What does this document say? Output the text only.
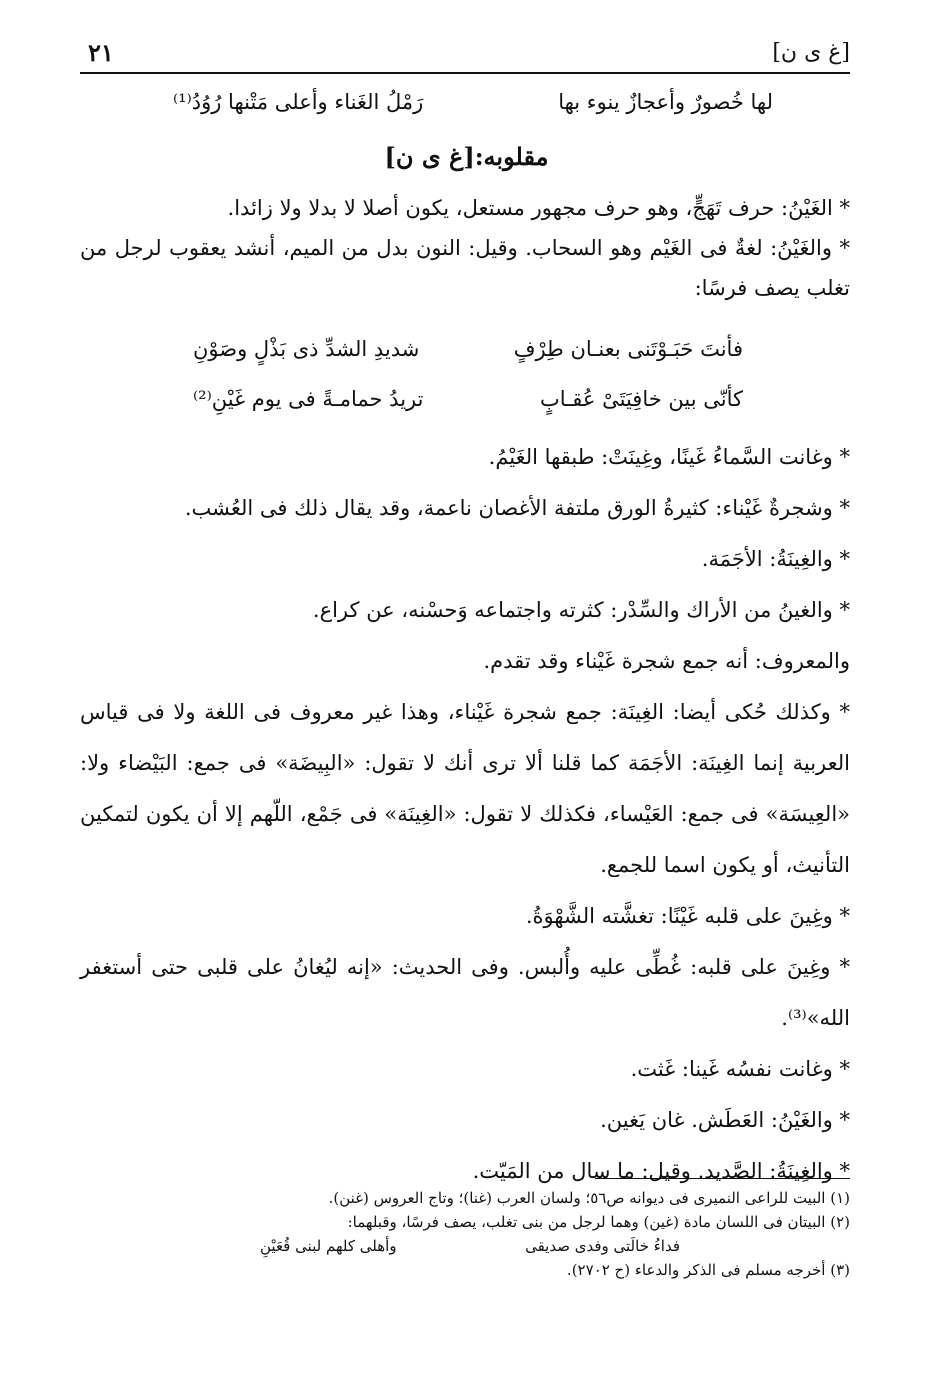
[غ ى ن]
٢١
لها خُصورٌ وأعجازٌ ينوء بها
رَمْلُ الغَناء وأعلى مَتْنها رُوُدُ⁽¹⁾
مقلوبه:[غ ى ن]

* الغَيْنُ: حرف تَهَجٍّ، وهو حرف مجهور مستعل، يكون أصلا لا بدلا ولا زائدا.

* والغَيْنُ: لغةٌ فى الغَيْم وهو السحاب. وقيل: النون بدل من الميم، أنشد يعقوب لرجل من تغلب يصف فرسًا:

فأنتَ حَبَـوْتَنى بعنـان طِرْفٍ
شديدِ الشدِّ ذى بَذْلٍ وصَوْنِ
كأنّى بين خافِيَتَىْ عُقـابٍ
تريدُ حمامـةً فى يوم غَيْنِ⁽²⁾

* وغانت السَّماءُ غَينًا، وغِينَتْ: طبقها الغَيْمُ.

* وشجرةٌ غَيْناء: كثيرةُ الورق ملتفة الأغصان ناعمة، وقد يقال ذلك فى العُشب.

* والغِينَةُ: الأجَمَة.

* والغينُ من الأراك والسِّدْر: كثرته واجتماعه وَحسْنه، عن كراع.

والمعروف: أنه جمع شجرة غَيْناء وقد تقدم.

* وكذلك حُكى أيضا: الغِينَة: جمع شجرة غَيْناء، وهذا غير معروف فى اللغة ولا فى قياس العربية إنما الغِينَة: الأجَمَة كما قلنا ألا ترى أنك لا تقول: «البِيضَة» فى جمع: البَيْضاء ولا: «العِيسَة» فى جمع: العَيْساء، فكذلك لا تقول: «الغِينَة» فى جَمْع، اللّهم إلا أن يكون لتمكين التأنيث، أو يكون اسما للجمع.

* وغِينَ على قلبه غَيْنًا: تغشَّته الشَّهْوَةُ.

* وغِينَ على قلبه: غُطِّى عليه وأُلبس. وفى الحديث: «إنه ليُغانُ على قلبى حتى أستغفر الله»⁽³⁾.

* وغانت نفسُه غَينا: غَثت.

* والغَيْنُ: العَطَش. غان يَغين.

* والغِينَةُ: الصَّديد. وقيل: ما سال من المَيّت.

(١) البيت للراعى النميرى فى ديوانه ص٥٦؛ ولسان العرب (غنا)؛ وتاج العروس (غنن).
(٢) البيتان فى اللسان مادة (غين) وهما لرجل من بنى تغلب، يصف فرسًا، وقبلهما:
فداءُ خالَتى وفدى صديقى
وأهلى كلهم لبنى قُعَيْنِ
(٣) أخرجه مسلم فى الذكر والدعاء (ح ٢٧٠٢).
